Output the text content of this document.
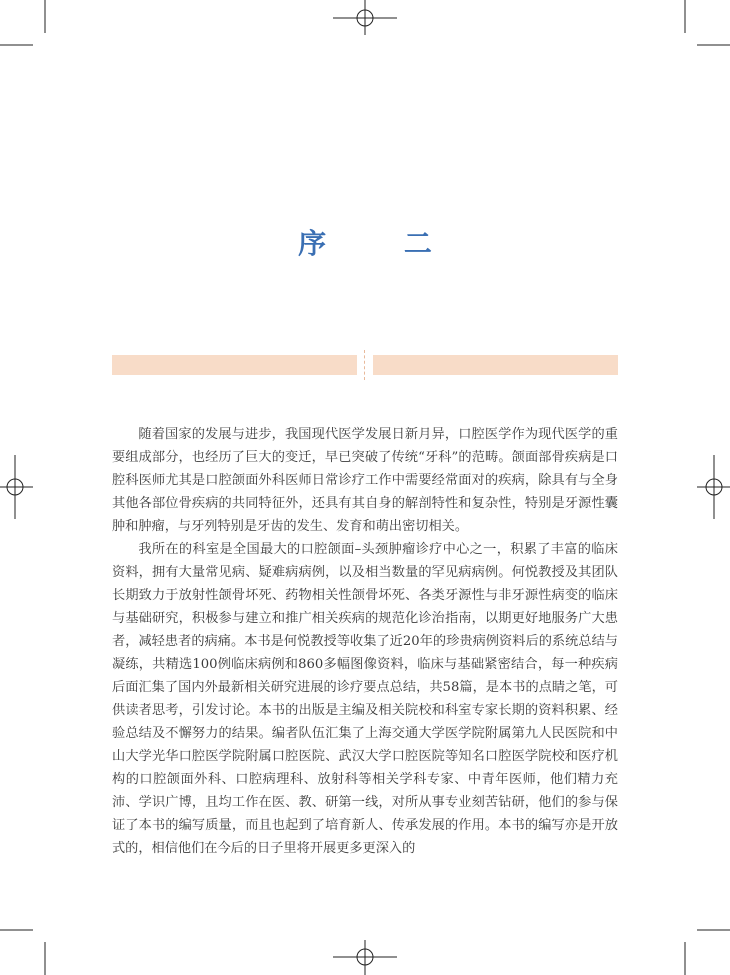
序 二

随着国家的发展与进步，我国现代医学发展日新月异，口腔医学作为现代医学的重要组成部分，也经历了巨大的变迁，早已突破了传统“牙科”的范畴。颌面部骨疾病是口腔科医师尤其是口腔颌面外科医师日常诊疗工作中需要经常面对的疾病，除具有与全身其他各部位骨疾病的共同特征外，还具有其自身的解剖特性和复杂性，特别是牙源性囊肿和肿瘤，与牙列特别是牙齿的发生、发育和萌出密切相关。

我所在的科室是全国最大的口腔颌面–头颈肿瘤诊疗中心之一，积累了丰富的临床资料，拥有大量常见病、疑难病病例，以及相当数量的罕见病病例。何悦教授及其团队长期致力于放射性颌骨坏死、药物相关性颌骨坏死、各类牙源性与非牙源性病变的临床与基础研究，积极参与建立和推广相关疾病的规范化诊治指南，以期更好地服务广大患者，减轻患者的病痛。本书是何悦教授等收集了近20年的珍贵病例资料后的系统总结与凝练，共精选100例临床病例和860多幅图像资料，临床与基础紧密结合，每一种疾病后面汇集了国内外最新相关研究进展的诊疗要点总结，共58篇，是本书的点睛之笔，可供读者思考，引发讨论。本书的出版是主编及相关院校和科室专家长期的资料积累、经验总结及不懈努力的结果。编者队伍汇集了上海交通大学医学院附属第九人民医院和中山大学光华口腔医学院附属口腔医院、武汉大学口腔医院等知名口腔医学院校和医疗机构的口腔颌面外科、口腔病理科、放射科等相关学科专家、中青年医师，他们精力充沛、学识广博，且均工作在医、教、研第一线，对所从事专业刻苦钻研，他们的参与保证了本书的编写质量，而且也起到了培育新人、传承发展的作用。本书的编写亦是开放式的，相信他们在今后的日子里将开展更多更深入的
